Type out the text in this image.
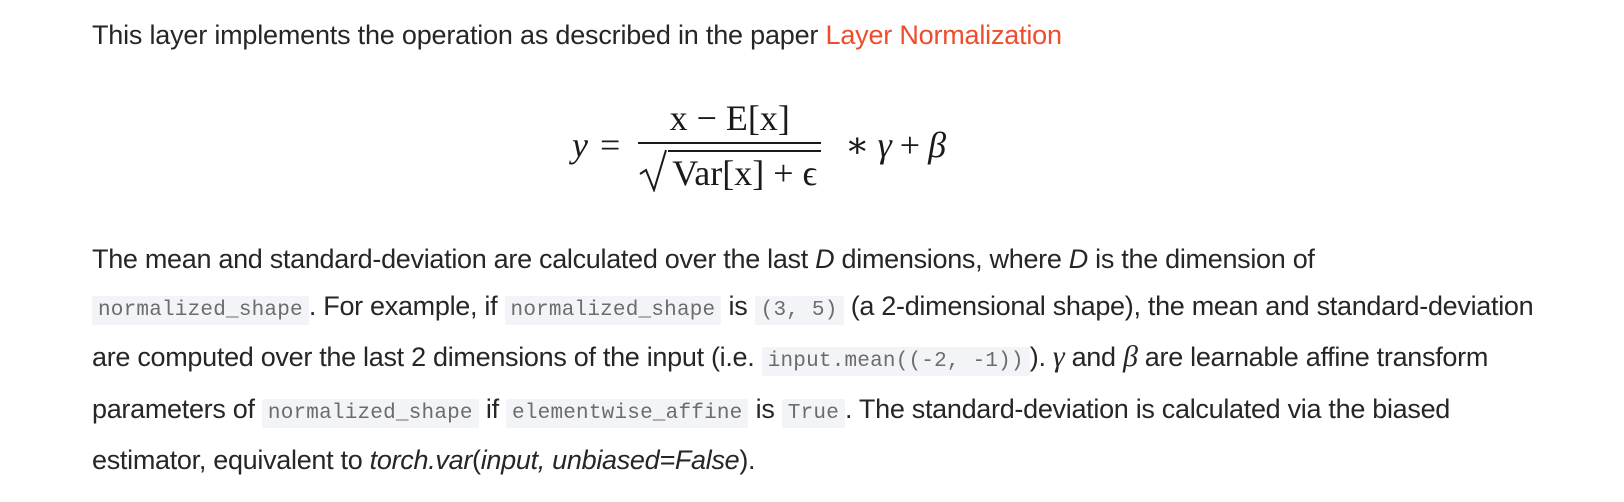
This layer implements the operation as described in the paper Layer Normalization

$y = \frac{x - E[x]}{\text{Var[x] + ϵ}}$ ∗ γ + β

The mean and standard-deviation are calculated over the last D dimensions, where D is the dimension of
normalized_shape . For example, if normalized_shape is (3, 5) (a 2-dimensional shape), the mean and standard-deviation are computed over the last 2 dimensions of the input (i.e. input.mean((-2, -1)) ). γ and β are learnable affine transform parameters of normalized_shape if elementwise_affine is True . The standard-deviation is calculated via the biased estimator, equivalent to torch.var(input, unbiased=False).
